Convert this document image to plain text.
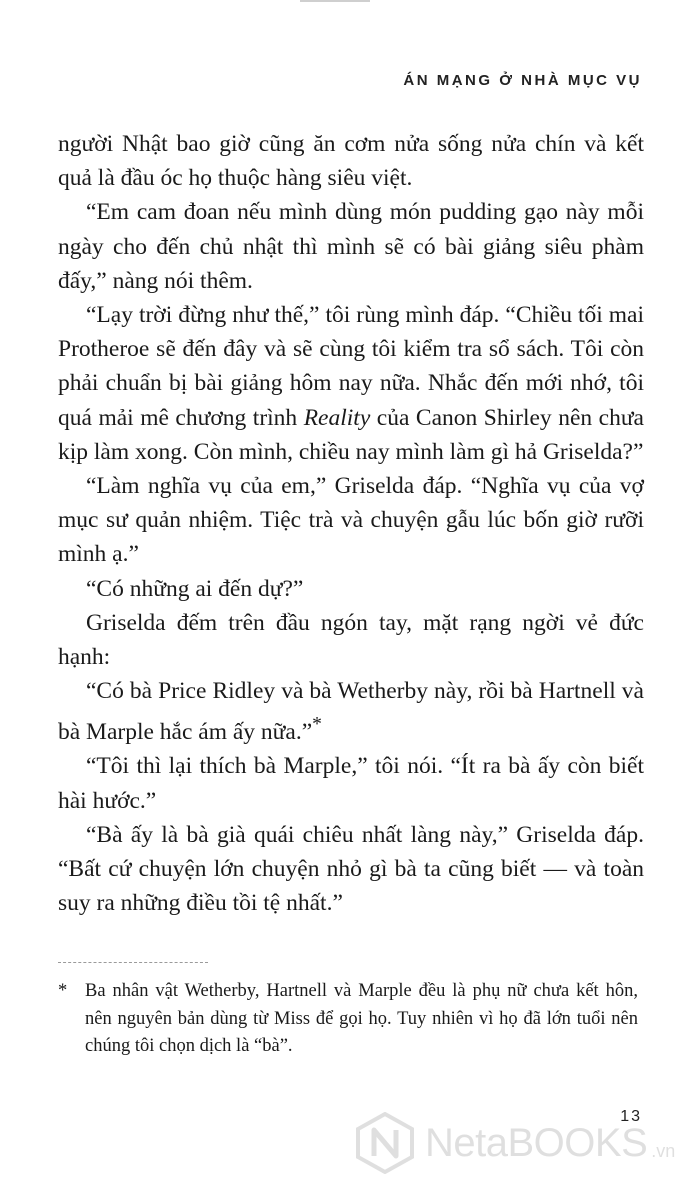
ÁN MẠNG Ở NHÀ MỤC VỤ

người Nhật bao giờ cũng ăn cơm nửa sống nửa chín và kết quả là đầu óc họ thuộc hàng siêu việt.

“Em cam đoan nếu mình dùng món pudding gạo này mỗi ngày cho đến chủ nhật thì mình sẽ có bài giảng siêu phàm đấy,” nàng nói thêm.

“Lạy trời đừng như thế,” tôi rùng mình đáp. “Chiều tối mai Protheroe sẽ đến đây và sẽ cùng tôi kiểm tra sổ sách. Tôi còn phải chuẩn bị bài giảng hôm nay nữa. Nhắc đến mới nhớ, tôi quá mải mê chương trình Reality của Canon Shirley nên chưa kịp làm xong. Còn mình, chiều nay mình làm gì hả Griselda?”

“Làm nghĩa vụ của em,” Griselda đáp. “Nghĩa vụ của vợ mục sư quản nhiệm. Tiệc trà và chuyện gẫu lúc bốn giờ rưỡi mình ạ.”

“Có những ai đến dự?”

Griselda đếm trên đầu ngón tay, mặt rạng ngời vẻ đức hạnh:

“Có bà Price Ridley và bà Wetherby này, rồi bà Hartnell và bà Marple hắc ám ấy nữa.”*

“Tôi thì lại thích bà Marple,” tôi nói. “Ít ra bà ấy còn biết hài hước.”

“Bà ấy là bà già quái chiêu nhất làng này,” Griselda đáp. “Bất cứ chuyện lớn chuyện nhỏ gì bà ta cũng biết — và toàn suy ra những điều tồi tệ nhất.”

* Ba nhân vật Wetherby, Hartnell và Marple đều là phụ nữ chưa kết hôn, nên nguyên bản dùng từ Miss để gọi họ. Tuy nhiên vì họ đã lớn tuổi nên chúng tôi chọn dịch là “bà”.
13
NetaBOOKS .vn
